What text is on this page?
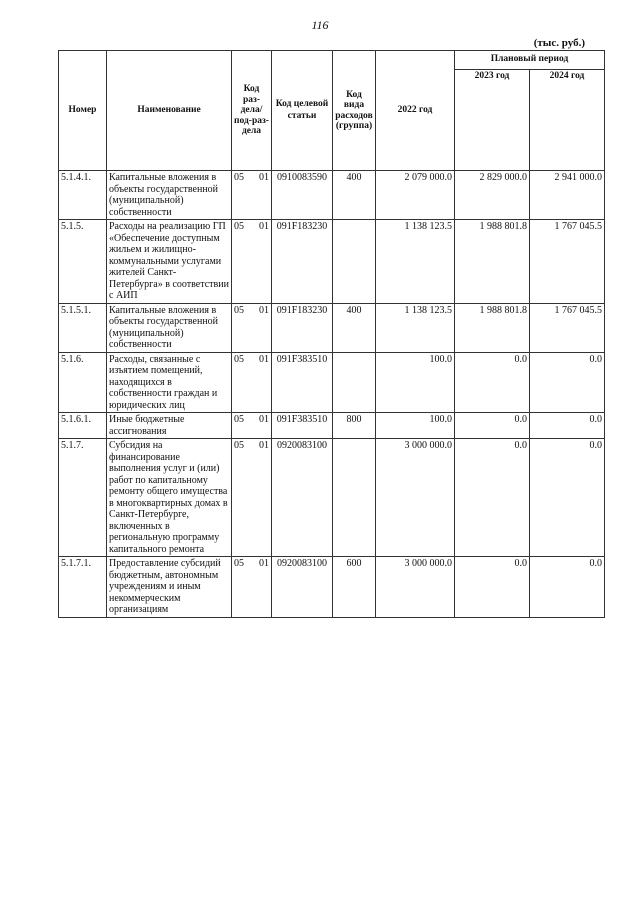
116
(тыс. руб.)
Номер	Наименование	Код раз-дела/ под-раз-дела	Код целевой статьи	Код вида расходов (группа)	2022 год	Плановый период	
						2023 год	2024 год
5.1.4.1.	Капитальные вложения в объекты государственной (муниципальной) собственности	05 01	0910083590	400	2 079 000.0	2 829 000.0	2 941 000.0
5.1.5.	Расходы на реализацию ГП «Обеспечение доступным жильем и жилищно-коммунальными услугами жителей Санкт-Петербурга» в соответствии с АИП	05 01	091F183230		1 138 123.5	1 988 801.8	1 767 045.5
5.1.5.1.	Капитальные вложения в объекты государственной (муниципальной) собственности	05 01	091F183230	400	1 138 123.5	1 988 801.8	1 767 045.5
5.1.6.	Расходы, связанные с изъятием помещений, находящихся в собственности граждан и юридических лиц	05 01	091F383510		100.0	0.0	0.0
5.1.6.1.	Иные бюджетные ассигнования	05 01	091F383510	800	100.0	0.0	0.0
5.1.7.	Субсидия на финансирование выполнения услуг и (или) работ по капитальному ремонту общего имущества в многоквартирных домах в Санкт-Петербурге, включенных в региональную программу капитального ремонта	05 01	0920083100		3 000 000.0	0.0	0.0
5.1.7.1.	Предоставление субсидий бюджетным, автономным учреждениям и иным некоммерческим организациям	05 01	0920083100	600	3 000 000.0	0.0	0.0
